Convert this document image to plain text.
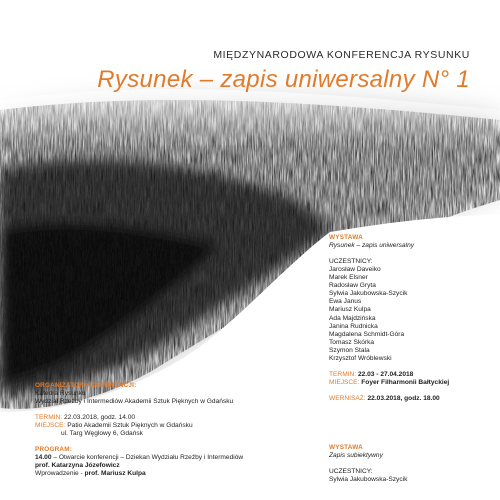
MIĘDZYNARODOWA KONFERENCJA RYSUNKU
Rysunek – zapis uniwersalny N° 1
WYSTAWA
Rysunek – zapis uniwersalny
UCZESTNICY:
Jarosław Daveiko
Marek Elsner
Radosław Gryta
Sylwia Jakubowska-Szycik
Ewa Janus
Mariusz Kulpa
Ada Majdzińska
Janina Rudnicka
Magdalena Schmidt-Góra
Tomasz Skórka
Szymon Stala
Krzysztof Wróblewski
TERMIN: 22.03 - 27.04.2018
MIEJSCE: Foyer Filharmonii Bałtyckiej
WERNISAŻ: 22.03.2018, godz. 18.00
WYSTAWA
Zapis subiektywny
UCZESTNICY:
Sylwia Jakubowska-Szycik
ORGANIZATOR KONFERENCJI:
Katedra Rysunku
Wydział Rzeźby i Intermediów Akademii Sztuk Pięknych w Gdańsku
TERMIN: 22.03.2018, godz. 14.00
MIEJSCE: Patio Akademii Sztuk Pięknych w Gdańsku
ul. Targ Węglowy 6, Gdańsk
PROGRAM:
14.00 – Otwarcie konferencji – Dziekan Wydziału Rzeźby i Intermediów
prof. Katarzyna Józefowicz
Wprowadzenie - prof. Mariusz Kulpa
